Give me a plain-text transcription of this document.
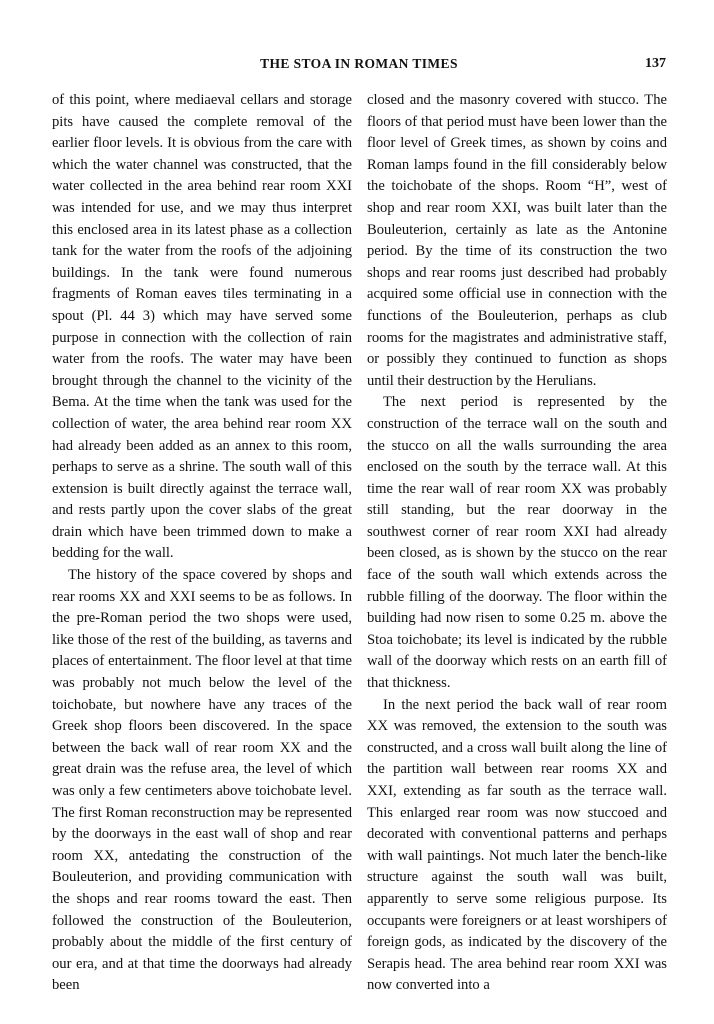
THE STOA IN ROMAN TIMES	137

of this point, where mediaeval cellars and storage pits have caused the complete removal of the earlier floor levels. It is obvious from the care with which the water channel was constructed, that the water collected in the area behind rear room XXI was intended for use, and we may thus interpret this enclosed area in its latest phase as a collection tank for the water from the roofs of the adjoining buildings. In the tank were found numerous fragments of Roman eaves tiles terminating in a spout (Pl. 44 3) which may have served some purpose in connection with the collection of rain water from the roofs. The water may have been brought through the channel to the vicinity of the Bema. At the time when the tank was used for the collection of water, the area behind rear room XX had already been added as an annex to this room, perhaps to serve as a shrine. The south wall of this extension is built directly against the terrace wall, and rests partly upon the cover slabs of the great drain which have been trimmed down to make a bedding for the wall.

The history of the space covered by shops and rear rooms XX and XXI seems to be as follows. In the pre-Roman period the two shops were used, like those of the rest of the building, as taverns and places of entertainment. The floor level at that time was probably not much below the level of the toichobate, but nowhere have any traces of the Greek shop floors been discovered. In the space between the back wall of rear room XX and the great drain was the refuse area, the level of which was only a few centimeters above toichobate level. The first Roman reconstruction may be represented by the doorways in the east wall of shop and rear room XX, antedating the construction of the Bouleuterion, and providing communication with the shops and rear rooms toward the east. Then followed the construction of the Bouleuterion, probably about the middle of the first century of our era, and at that time the doorways had already been

closed and the masonry covered with stucco. The floors of that period must have been lower than the floor level of Greek times, as shown by coins and Roman lamps found in the fill considerably below the toichobate of the shops. Room “H”, west of shop and rear room XXI, was built later than the Bouleuterion, certainly as late as the Antonine period. By the time of its construction the two shops and rear rooms just described had probably acquired some official use in connection with the functions of the Bouleuterion, perhaps as club rooms for the magistrates and administrative staff, or possibly they continued to function as shops until their destruction by the Herulians.

The next period is represented by the construction of the terrace wall on the south and the stucco on all the walls surrounding the area enclosed on the south by the terrace wall. At this time the rear wall of rear room XX was probably still standing, but the rear doorway in the southwest corner of rear room XXI had already been closed, as is shown by the stucco on the rear face of the south wall which extends across the rubble filling of the doorway. The floor within the building had now risen to some 0.25 m. above the Stoa toichobate; its level is indicated by the rubble wall of the doorway which rests on an earth fill of that thickness.

In the next period the back wall of rear room XX was removed, the extension to the south was constructed, and a cross wall built along the line of the partition wall between rear rooms XX and XXI, extending as far south as the terrace wall. This enlarged rear room was now stuccoed and decorated with conventional patterns and perhaps with wall paintings. Not much later the bench-like structure against the south wall was built, apparently to serve some religious purpose. Its occupants were foreigners or at least worshipers of foreign gods, as indicated by the discovery of the Serapis head. The area behind rear room XXI was now converted into a
